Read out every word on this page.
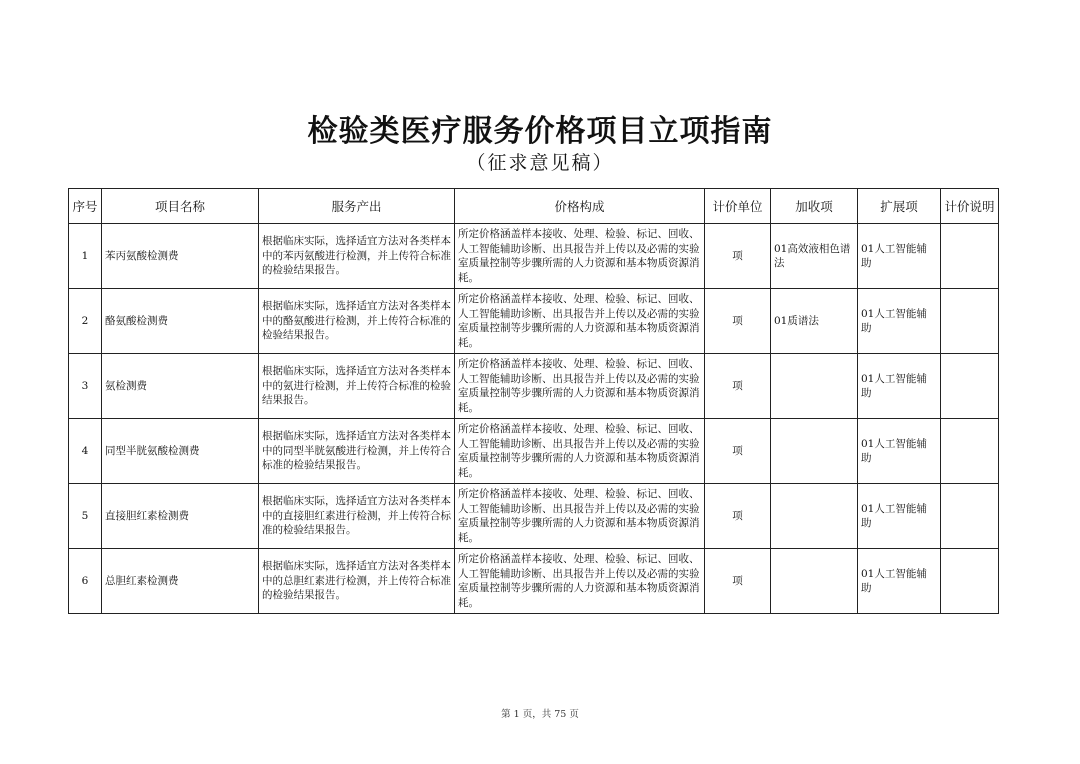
检验类医疗服务价格项目立项指南
（征求意见稿）
序号	项目名称	服务产出	价格构成	计价单位	加收项	扩展项	计价说明
1	苯丙氨酸检测费	根据临床实际，选择适宜方法对各类样本中的苯丙氨酸进行检测，并上传符合标准的检验结果报告。	所定价格涵盖样本接收、处理、检验、标记、回收、人工智能辅助诊断、出具报告并上传以及必需的实验室质量控制等步骤所需的人力资源和基本物质资源消耗。	项	01高效液相色谱法	01人工智能辅助	
2	酪氨酸检测费	根据临床实际，选择适宜方法对各类样本中的酪氨酸进行检测，并上传符合标准的检验结果报告。	所定价格涵盖样本接收、处理、检验、标记、回收、人工智能辅助诊断、出具报告并上传以及必需的实验室质量控制等步骤所需的人力资源和基本物质资源消耗。	项	01质谱法	01人工智能辅助	
3	氨检测费	根据临床实际，选择适宜方法对各类样本中的氨进行检测，并上传符合标准的检验结果报告。	所定价格涵盖样本接收、处理、检验、标记、回收、人工智能辅助诊断、出具报告并上传以及必需的实验室质量控制等步骤所需的人力资源和基本物质资源消耗。	项		01人工智能辅助	
4	同型半胱氨酸检测费	根据临床实际，选择适宜方法对各类样本中的同型半胱氨酸进行检测，并上传符合标准的检验结果报告。	所定价格涵盖样本接收、处理、检验、标记、回收、人工智能辅助诊断、出具报告并上传以及必需的实验室质量控制等步骤所需的人力资源和基本物质资源消耗。	项		01人工智能辅助	
5	直接胆红素检测费	根据临床实际，选择适宜方法对各类样本中的直接胆红素进行检测，并上传符合标准的检验结果报告。	所定价格涵盖样本接收、处理、检验、标记、回收、人工智能辅助诊断、出具报告并上传以及必需的实验室质量控制等步骤所需的人力资源和基本物质资源消耗。	项		01人工智能辅助	
6	总胆红素检测费	根据临床实际，选择适宜方法对各类样本中的总胆红素进行检测，并上传符合标准的检验结果报告。	所定价格涵盖样本接收、处理、检验、标记、回收、人工智能辅助诊断、出具报告并上传以及必需的实验室质量控制等步骤所需的人力资源和基本物质资源消耗。	项		01人工智能辅助	
第 1 页，共 75 页
